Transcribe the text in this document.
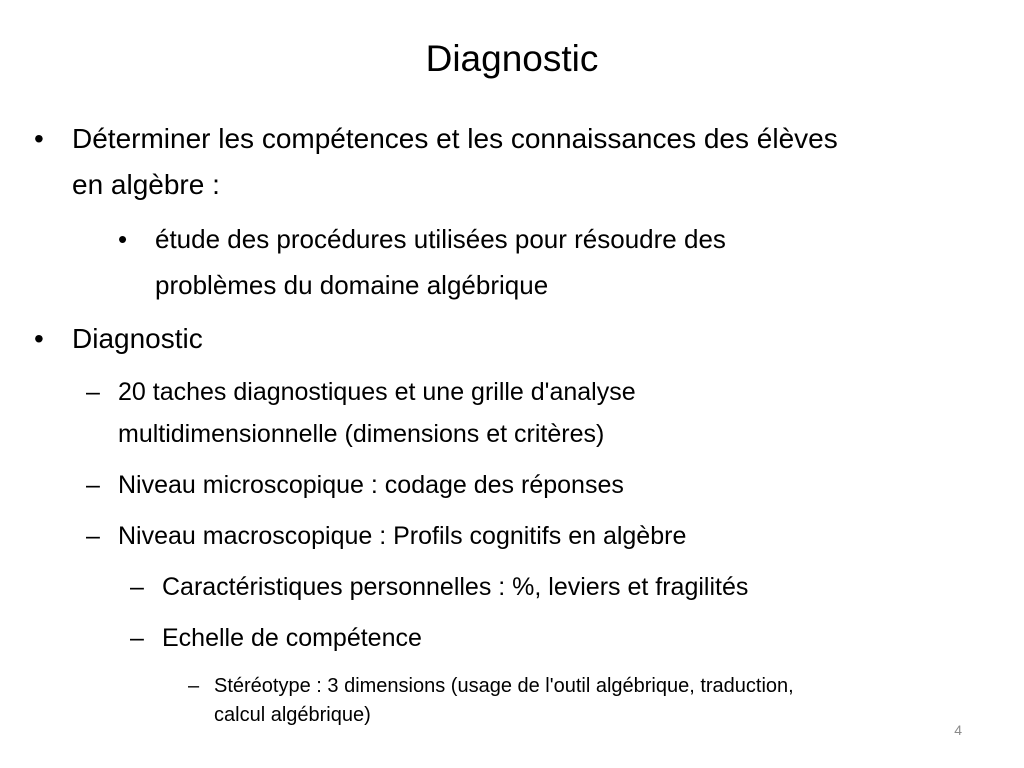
Diagnostic
• Déterminer les compétences et les connaissances des élèves
en algèbre :
• étude des procédures utilisées pour résoudre des
problèmes du domaine algébrique
• Diagnostic
– 20 taches diagnostiques et une grille d'analyse
multidimensionnelle (dimensions et critères)
– Niveau microscopique : codage des réponses
– Niveau macroscopique : Profils cognitifs en algèbre
– Caractéristiques personnelles : %, leviers et fragilités
– Echelle de compétence
– Stéréotype : 3 dimensions (usage de l'outil algébrique, traduction,
calcul algébrique)
4
